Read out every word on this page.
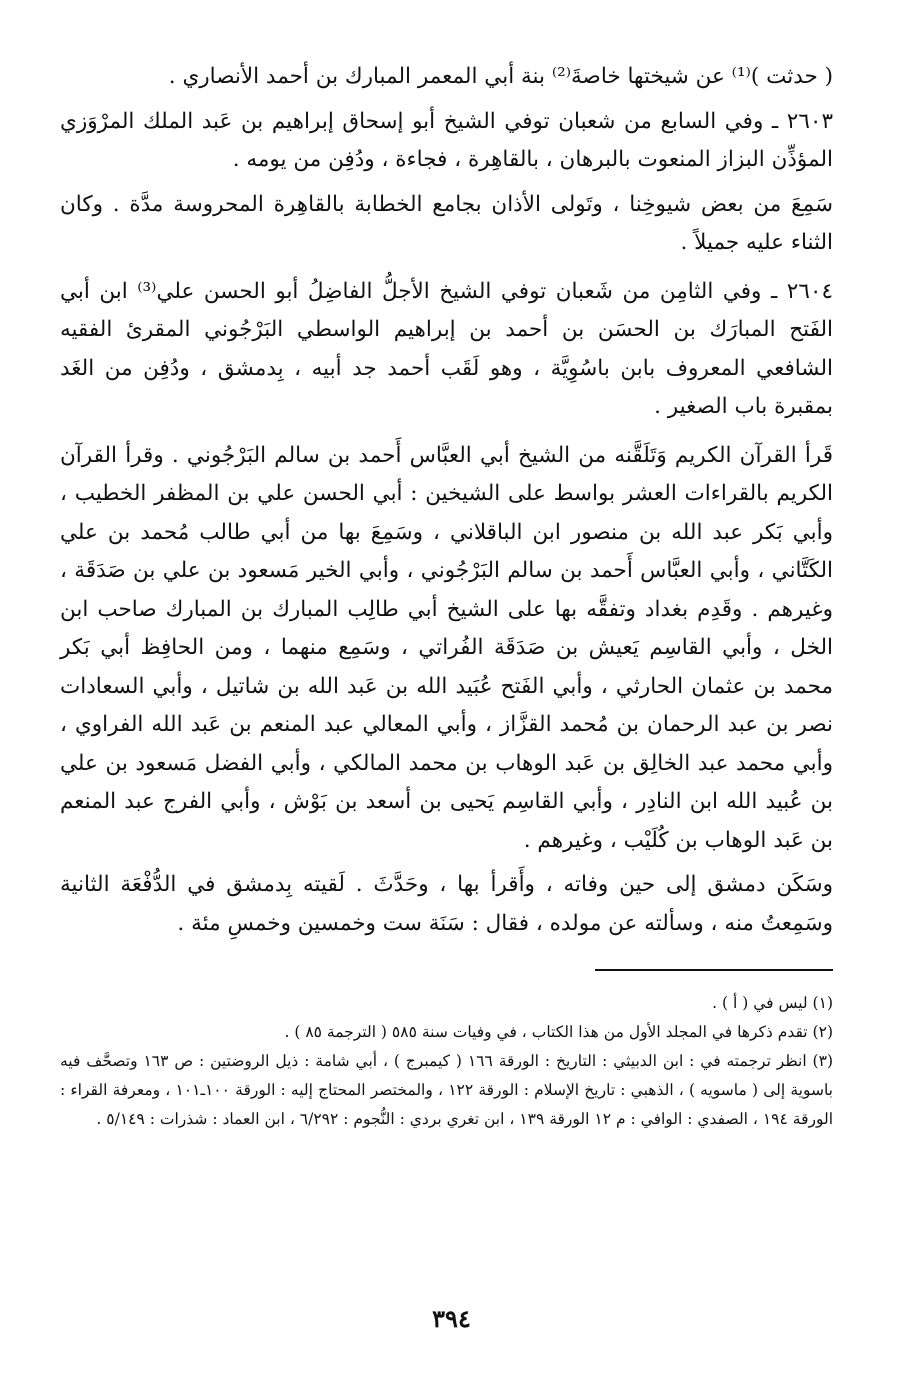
( حدثت )⁽¹⁾ عن شيختها خاصةَ⁽²⁾ بنة أبي المعمر المبارك بن أحمد الأنصاري .

٢٦٠٣ ـ وفي السابع من شعبان توفي الشيخ أبو إسحاق إبراهيم بن عَبد الملك المرْوَزي المؤذِّن البزاز المنعوت بالبرهان ، بالقاهِرة ، فجاءة ، ودُفِن من يومه .

سَمِعَ من بعض شيوخِنا ، وتَولى الأذان بجامع الخطابة بالقاهِرة المحروسة مدَّة . وكان الثناء عليه جميلاً .

٢٦٠٤ ـ وفي الثامِن من شَعبان توفي الشيخ الأجلُّ الفاضِلُ أبو الحسن علي⁽³⁾ ابن أبي الفَتح المبارَك بن الحسَن بن أحمد بن إبراهيم الواسطي البَرْجُوني المقرئ الفقيه الشافعي المعروف بابن باسُوِيَّة ، وهو لَقَب أحمد جد أبيه ، بِدمشق ، ودُفِن من الغَد بمقبرة باب الصغير .

قَرأ القرآن الكريم وَتَلَقَّنه من الشيخ أبي العبَّاس أَحمد بن سالم البَرْجُوني . وقرأ القرآن الكريم بالقراءات العشر بواسط على الشيخين : أبي الحسن علي بن المظفر الخطيب ، وأبي بَكر عبد الله بن منصور ابن الباقلاني ، وسَمِعَ بها من أبي طالب مُحمد بن علي الكَتَّاني ، وأبي العبَّاس أَحمد بن سالم البَرْجُوني ، وأبي الخير مَسعود بن علي بن صَدَقَة ، وغيرهم . وقَدِم بغداد وتفقَّه بها على الشيخ أبي طالِب المبارك بن المبارك صاحب ابن الخل ، وأبي القاسِم يَعيش بن صَدَقَة الفُراتي ، وسَمِع منهما ، ومن الحافِظ أبي بَكر محمد بن عثمان الحارثي ، وأبي الفَتح عُبَيد الله بن عَبد الله بن شاتيل ، وأبي السعادات نصر بن عبد الرحمان بن مُحمد القزَّاز ، وأبي المعالي عبد المنعم بن عَبد الله الفراوي ، وأبي محمد عبد الخالِق بن عَبد الوهاب بن محمد المالكي ، وأبي الفضل مَسعود بن علي بن عُبيد الله ابن النادِر ، وأبي القاسِم يَحيى بن أسعد بن بَوْش ، وأبي الفرج عبد المنعم بن عَبد الوهاب بن كُلَيْب ، وغيرهم .

وسَكَن دمشق إلى حين وفاته ، وأَقرأ بها ، وحَدَّثَ . لَقيته بِدمشق في الدُّفْعَة الثانية وسَمِعتُ منه ، وسألته عن مولده ، فقال : سَنَة ست وخمسين وخمسِ مئة .

(١) ليس في ( أ ) .

(٢) تقدم ذكرها في المجلد الأول من هذا الكتاب ، في وفيات سنة ٥٨٥ ( الترجمة ٨٥ ) .

(٣) انظر ترجمته في : ابن الدبيثي : التاريخ : الورقة ١٦٦ ( كيمبرج ) ، أبي شامة : ذيل الروضتين : ص ١٦٣ وتصحَّف فيه باسوية إلى ( ماسويه ) ، الذهبي : تاريخ الإسلام : الورقة ١٢٢ ، والمختصر المحتاج إليه : الورقة ١٠٠ـ١٠١ ، ومعرفة القراء : الورقة ١٩٤ ، الصفدي : الوافي : م ١٢ الورقة ١٣٩ ، ابن تغري بردي : النُّجوم : ٦/٢٩٢ ، ابن العماد : شذرات : ٥/١٤٩ .

٣٩٤
